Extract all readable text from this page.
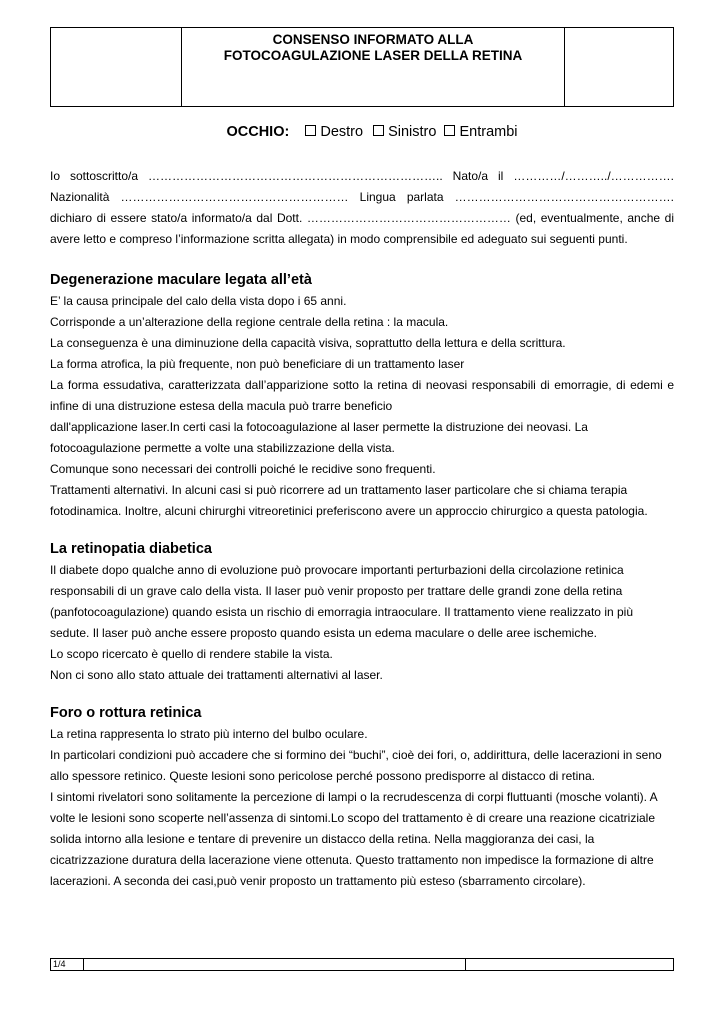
CONSENSO INFORMATO ALLA
FOTOCOAGULAZIONE LASER DELLA RETINA

OCCHIO: Destro Sinistro Entrambi

Io sottoscritto/a ……………………………………………………………….. Nato/a il …………/………../…………….

Nazionalità ………………………………………………… Lingua parlata ……………………………………………….

dichiaro di essere stato/a informato/a dal Dott. …………………………………………… (ed, eventualmente, anche di

avere letto e compreso l’informazione scritta allegata) in modo comprensibile ed adeguato sui seguenti punti.

Degenerazione maculare legata all’età

E’ la causa principale del calo della vista dopo i 65 anni.

Corrisponde a un’alterazione della regione centrale della retina : la macula.

La conseguenza è una diminuzione della capacità visiva, soprattutto della lettura e della scrittura.

La forma atrofica, la più frequente, non può beneficiare di un trattamento laser

La forma essudativa, caratterizzata dall’apparizione sotto la retina di neovasi responsabili di emorragie, di edemi e

infine di una distruzione estesa della macula può trarre beneficio

dall'applicazione laser.In certi casi la fotocoagulazione al laser permette la distruzione dei neovasi. La

fotocoagulazione permette a volte una stabilizzazione della vista.

Comunque sono necessari dei controlli poiché le recidive sono frequenti.

Trattamenti alternativi. In alcuni casi si può ricorrere ad un trattamento laser particolare che si chiama terapia

fotodinamica. Inoltre, alcuni chirurghi vitreoretinici preferiscono avere un approccio chirurgico a questa patologia.

La retinopatia diabetica

Il diabete dopo qualche anno di evoluzione può provocare importanti perturbazioni della circolazione retinica

responsabili di un grave calo della vista. Il laser può venir proposto per trattare delle grandi zone della retina

(panfotocoagulazione) quando esista un rischio di emorragia intraoculare. Il trattamento viene realizzato in più

sedute. Il laser può anche essere proposto quando esista un edema maculare o delle aree ischemiche.

Lo scopo ricercato è quello di rendere stabile la vista.

Non ci sono allo stato attuale dei trattamenti alternativi al laser.

Foro o rottura retinica

La retina rappresenta lo strato più interno del bulbo oculare.

In particolari condizioni può accadere che si formino dei “buchi”, cioè dei fori, o, addirittura, delle lacerazioni in seno

allo spessore retinico. Queste lesioni sono pericolose perché possono predisporre al distacco di retina.

I sintomi rivelatori sono solitamente la percezione di lampi o la recrudescenza di corpi fluttuanti (mosche volanti). A

volte le lesioni sono scoperte nell’assenza di sintomi.Lo scopo del trattamento è di creare una reazione cicatriziale

solida intorno alla lesione e tentare di prevenire un distacco della retina. Nella maggioranza dei casi, la

cicatrizzazione duratura della lacerazione viene ottenuta. Questo trattamento non impedisce la formazione di altre

lacerazioni. A seconda dei casi,può venir proposto un trattamento più esteso (sbarramento circolare).

1/4		
